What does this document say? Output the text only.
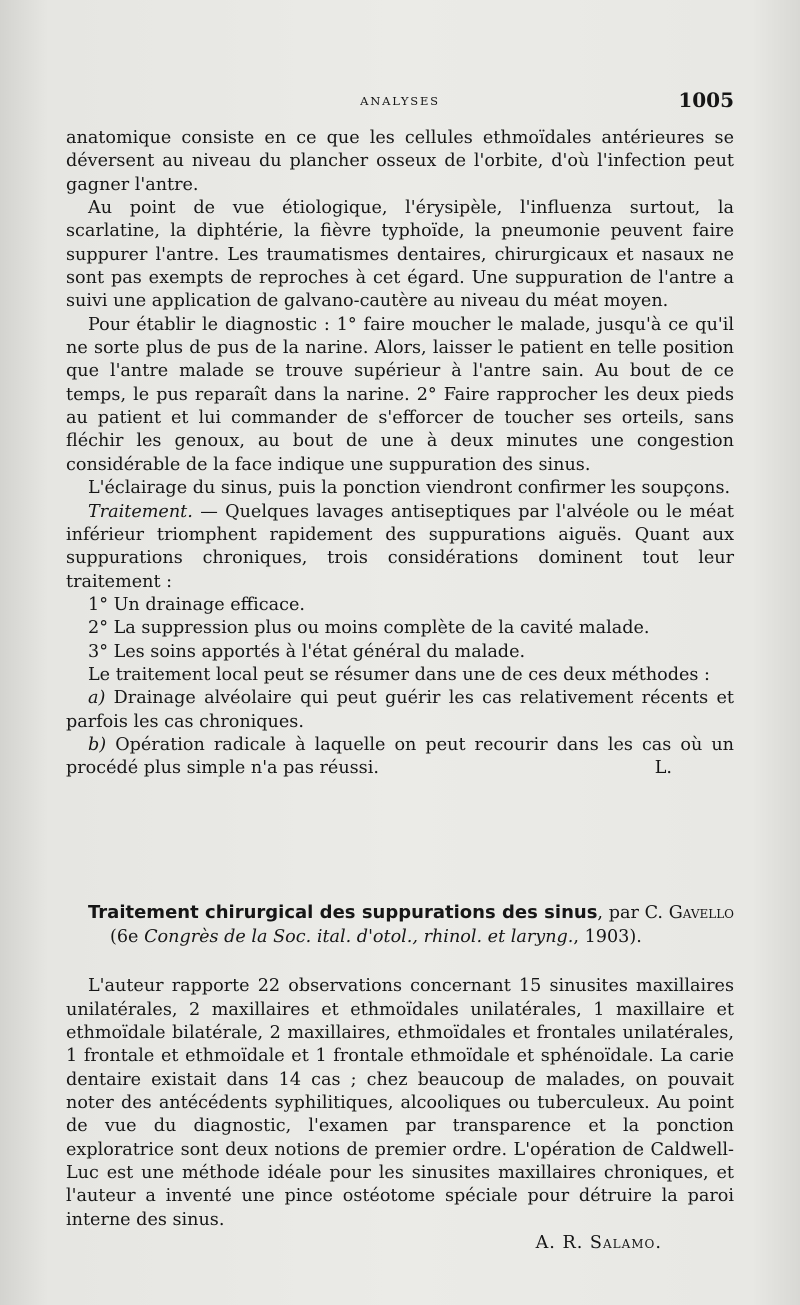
ANALYSES	1005

anatomique consiste en ce que les cellules ethmoïdales antérieures se déversent au niveau du plancher osseux de l'orbite, d'où l'infection peut gagner l'antre.

Au point de vue étiologique, l'érysipèle, l'influenza surtout, la scarlatine, la diphtérie, la fièvre typhoïde, la pneumonie peuvent faire suppurer l'antre. Les traumatismes dentaires, chirurgicaux et nasaux ne sont pas exempts de reproches à cet égard. Une suppuration de l'antre a suivi une application de galvano-cautère au niveau du méat moyen.

Pour établir le diagnostic : 1° faire moucher le malade, jusqu'à ce qu'il ne sorte plus de pus de la narine. Alors, laisser le patient en telle position que l'antre malade se trouve supérieur à l'antre sain. Au bout de ce temps, le pus reparaît dans la narine. 2° Faire rapprocher les deux pieds au patient et lui commander de s'efforcer de toucher ses orteils, sans fléchir les genoux, au bout de une à deux minutes une congestion considérable de la face indique une suppuration des sinus.

L'éclairage du sinus, puis la ponction viendront confirmer les soupçons.

Traitement. — Quelques lavages antiseptiques par l'alvéole ou le méat inférieur triomphent rapidement des suppurations aiguës. Quant aux suppurations chroniques, trois considérations dominent tout leur traitement :

1° Un drainage efficace.

2° La suppression plus ou moins complète de la cavité malade.

3° Les soins apportés à l'état général du malade.

Le traitement local peut se résumer dans une de ces deux méthodes :

a) Drainage alvéolaire qui peut guérir les cas relativement récents et parfois les cas chroniques.

b) Opération radicale à laquelle on peut recourir dans les cas où un procédé plus simple n'a pas réussi.	L.

Traitement chirurgical des suppurations des sinus, par C. Gavello (6e Congrès de la Soc. ital. d'otol., rhinol. et laryng., 1903).

L'auteur rapporte 22 observations concernant 15 sinusites maxillaires unilatérales, 2 maxillaires et ethmoïdales unilatérales, 1 maxillaire et ethmoïdale bilatérale, 2 maxillaires, ethmoïdales et frontales unilatérales, 1 frontale et ethmoïdale et 1 frontale ethmoïdale et sphénoïdale. La carie dentaire existait dans 14 cas ; chez beaucoup de malades, on pouvait noter des antécédents syphilitiques, alcooliques ou tuberculeux. Au point de vue du diagnostic, l'examen par transparence et la ponction exploratrice sont deux notions de premier ordre. L'opération de Caldwell-Luc est une méthode idéale pour les sinusites maxillaires chroniques, et l'auteur a inventé une pince ostéotome spéciale pour détruire la paroi interne des sinus.

A. R. Salamo.
